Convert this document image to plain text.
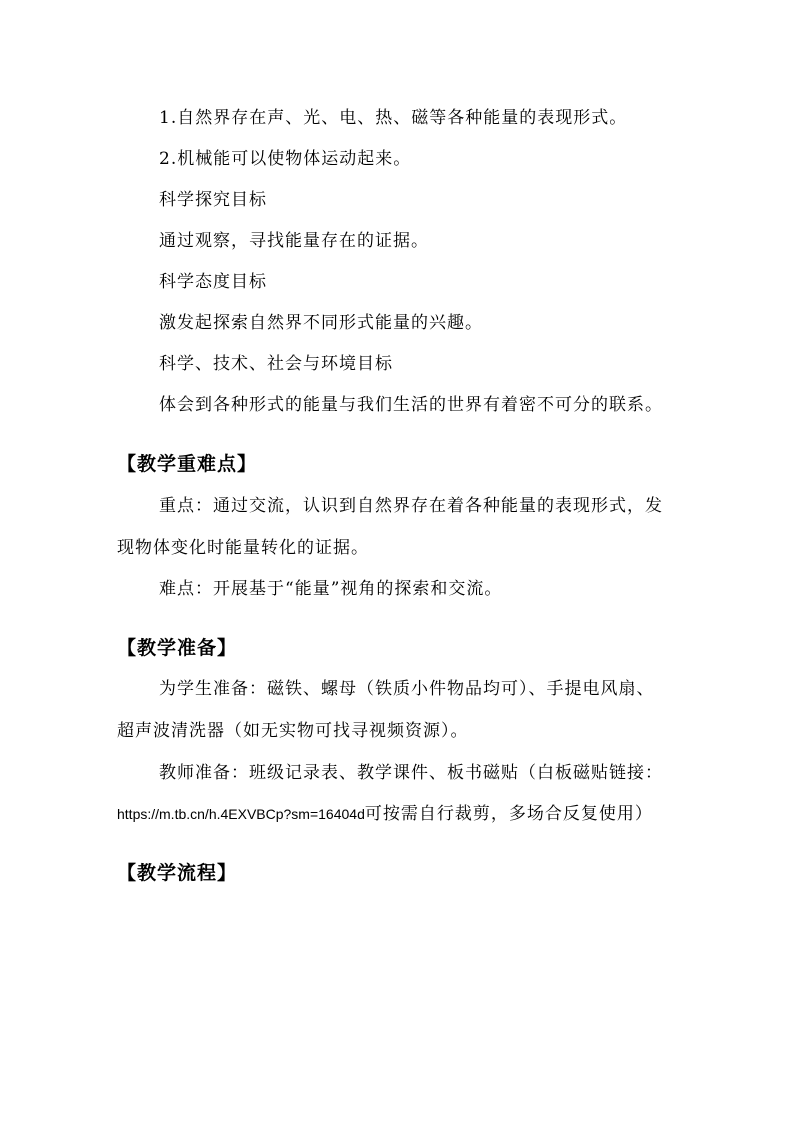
1.自然界存在声、光、电、热、磁等各种能量的表现形式。
2.机械能可以使物体运动起来。
科学探究目标
通过观察，寻找能量存在的证据。
科学态度目标
激发起探索自然界不同形式能量的兴趣。
科学、技术、社会与环境目标
体会到各种形式的能量与我们生活的世界有着密不可分的联系。
【教学重难点】
重点：通过交流，认识到自然界存在着各种能量的表现形式，发
现物体变化时能量转化的证据。
难点：开展基于“能量”视角的探索和交流。
【教学准备】
为学生准备：磁铁、螺母（铁质小件物品均可）、手提电风扇、
超声波清洗器（如无实物可找寻视频资源）。
教师准备：班级记录表、教学课件、板书磁贴（白板磁贴链接：
https://m.tb.cn/h.4EXVBCp?sm=16404d可按需自行裁剪，多场合反复使用）
【教学流程】
